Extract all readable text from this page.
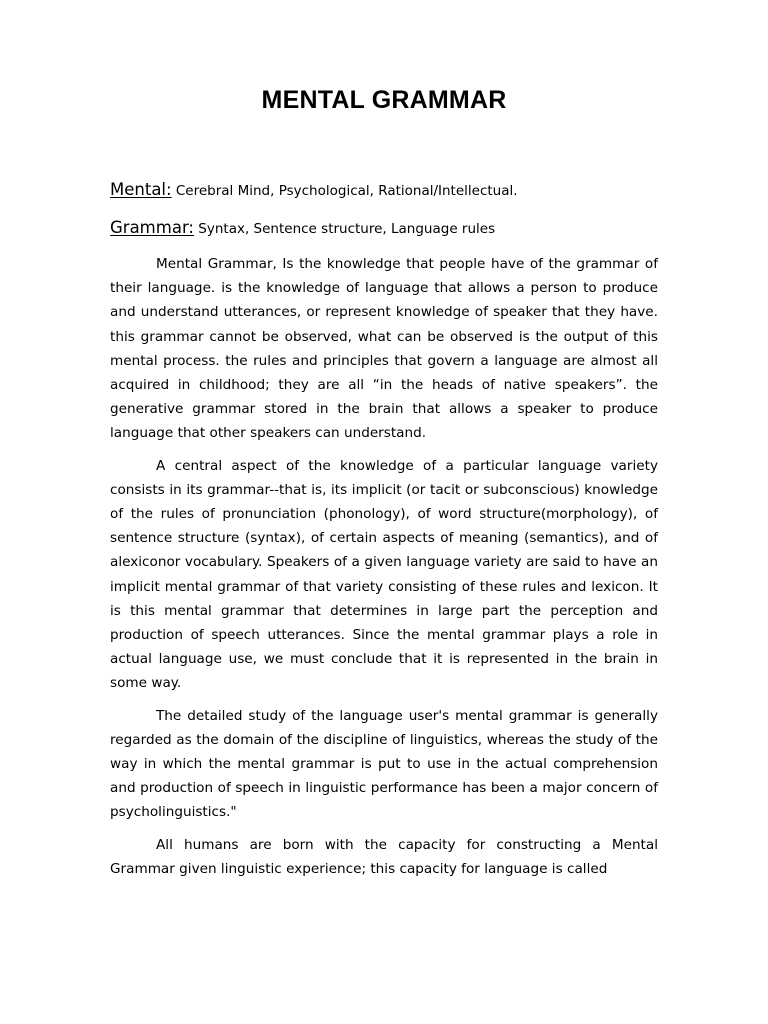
MENTAL GRAMMAR
Mental: Cerebral Mind, Psychological, Rational/Intellectual.
Grammar: Syntax, Sentence structure, Language rules

Mental Grammar, Is the knowledge that people have of the grammar of their language. is the knowledge of language that allows a person to produce and understand utterances, or represent knowledge of speaker that they have. this grammar cannot be observed, what can be observed is the output of this mental process. the rules and principles that govern a language are almost all acquired in childhood; they are all “in the heads of native speakers”. the generative grammar stored in the brain that allows a speaker to produce language that other speakers can understand.

A central aspect of the knowledge of a particular language variety consists in its grammar--that is, its implicit (or tacit or subconscious) knowledge of the rules of pronunciation (phonology), of word structure(morphology), of sentence structure (syntax), of certain aspects of meaning (semantics), and of alexiconor vocabulary. Speakers of a given language variety are said to have an implicit mental grammar of that variety consisting of these rules and lexicon. It is this mental grammar that determines in large part the perception and production of speech utterances. Since the mental grammar plays a role in actual language use, we must conclude that it is represented in the brain in some way.

The detailed study of the language user's mental grammar is generally regarded as the domain of the discipline of linguistics, whereas the study of the way in which the mental grammar is put to use in the actual comprehension and production of speech in linguistic performance has been a major concern of psycholinguistics."

All humans are born with the capacity for constructing a Mental Grammar given linguistic experience; this capacity for language is called
